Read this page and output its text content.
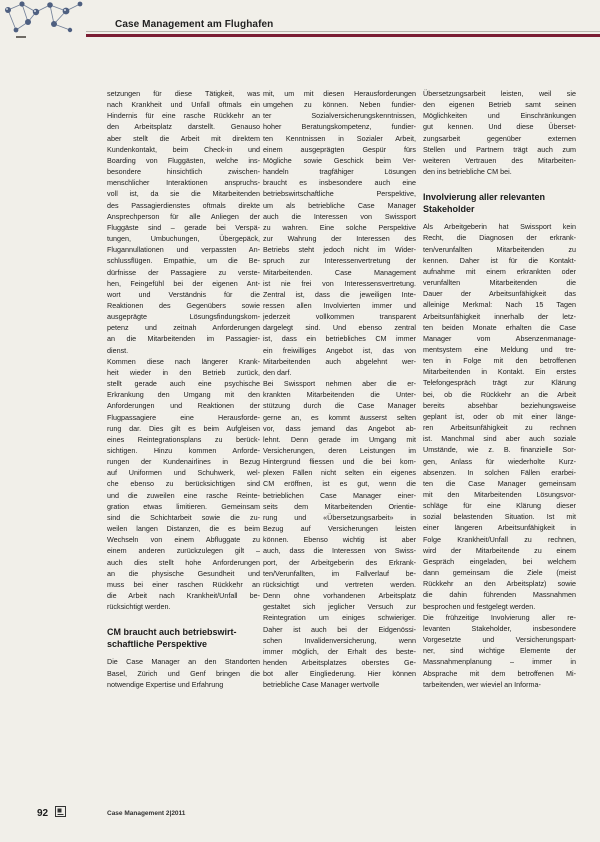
Case Management am Flughafen
setzungen für diese Tätigkeit, was
nach Krankheit und Unfall oftmals ein
Hindernis für eine rasche Rückkehr an
den Arbeitsplatz darstellt. Genauso
aber stellt die Arbeit mit direktem
Kundenkontakt, beim Check-in und
Boarding von Fluggästen, welche ins-
besondere hinsichtlich zwischen-
menschlicher Interaktionen anspruchs-
voll ist, da sie die Mitarbeitenden
des Passagierdienstes oftmals direkte
Ansprechperson für alle Anliegen der
Fluggäste sind – gerade bei Verspä-
tungen, Umbuchungen, Übergepäck,
Flugannullationen und verpassten An-
schlussflügen. Empathie, um die Be-
dürfnisse der Passagiere zu verste-
hen, Feingefühl bei der eigenen Ant-
wort und Verständnis für die
Reaktionen des Gegenübers sowie
ausgeprägte Lösungsfindungskom-
petenz und zeitnah Anforderungen
an die Mitarbeitenden im Passagier-
dienst.
Kommen diese nach längerer Krank-
heit wieder in den Betrieb zurück,
stellt gerade auch eine psychische
Erkrankung den Umgang mit den
Anforderungen und Reaktionen der
Flugpassagiere eine Herausforde-
rung dar. Dies gilt es beim Aufgleisen
eines Reintegrationsplans zu berück-
sichtigen. Hinzu kommen Anforde-
rungen der Kundenairlines in Bezug
auf Uniformen und Schuhwerk, wel-
che ebenso zu berücksichtigen sind
und die zuweilen eine rasche Reinte-
gration etwas limitieren. Gemeinsam
sind die Schichtarbeit sowie die zu-
weilen langen Distanzen, die es beim
Wechseln von einem Abfluggate zu
einem anderen zurückzulegen gilt –
auch dies stellt hohe Anforderungen
an die physische Gesundheit und
muss bei einer raschen Rückkehr an
die Arbeit nach Krankheit/Unfall be-
rücksichtigt werden.
CM braucht auch betriebswirt-
schaftliche Perspektive
Die Case Manager an den Standorten
Basel, Zürich und Genf bringen die
notwendige Expertise und Erfahrung
mit, um mit diesen Herausforderungen
umgehen zu können. Neben fundier-
ter Sozialversicherungskenntnissen,
hoher Beratungskompetenz, fundier-
ten Kenntnissen in Sozialer Arbeit,
einem ausgeprägten Gespür fürs
Mögliche sowie Geschick beim Ver-
handeln tragfähiger Lösungen
braucht es insbesondere auch eine
betriebswirtschaftliche Perspektive,
um als betriebliche Case Manager
auch die Interessen von Swissport
zu wahren. Eine solche Perspektive
zur Wahrung der Interessen des
Betriebs steht jedoch nicht im Wider-
spruch zur Interessenvertretung der
Mitarbeitenden. Case Management
ist nie frei von Interessensvertretung.
Zentral ist, dass die jeweiligen Inte-
ressen allen Involvierten immer und
jederzeit vollkommen transparent
dargelegt sind. Und ebenso zentral
ist, dass ein betriebliches CM immer
ein freiwilliges Angebot ist, das von
Mitarbeitenden auch abgelehnt wer-
den darf.
Bei Swissport nehmen aber die er-
krankten Mitarbeitenden die Unter-
stützung durch die Case Manager
gerne an, es kommt äusserst selten
vor, dass jemand das Angebot ab-
lehnt. Denn gerade im Umgang mit
Versicherungen, deren Leistungen im
Hintergrund fliessen und die bei kom-
plexen Fällen nicht selten ein eigenes
CM eröffnen, ist es gut, wenn die
betrieblichen Case Manager einer-
seits dem Mitarbeitenden Orientie-
rung und «Übersetzungsarbeit» in
Bezug auf Versicherungen leisten
können. Ebenso wichtig ist aber
auch, dass die Interessen von Swiss-
port, der Arbeitgeberin des Erkrank-
ten/Verunfallten, im Fallverlauf be-
rücksichtigt und vertreten werden.
Denn ohne vorhandenen Arbeitsplatz
gestaltet sich jeglicher Versuch zur
Reintegration um einiges schwieriger.
Daher ist auch bei der Eidgenössi-
schen Invalidenversicherung, wenn
immer möglich, der Erhalt des beste-
henden Arbeitsplatzes oberstes Ge-
bot aller Eingliederung. Hier können
betriebliche Case Manager wertvolle
Übersetzungsarbeit leisten, weil sie
den eigenen Betrieb samt seinen
Möglichkeiten und Einschränkungen
gut kennen. Und diese Überset-
zungsarbeit gegenüber externen
Stellen und Partnern trägt auch zum
weiteren Vertrauen des Mitarbeiten-
den ins betriebliche CM bei.
Involvierung aller relevanten
Stakeholder
Als Arbeitgeberin hat Swissport kein
Recht, die Diagnosen der erkrank-
ten/verunfallten Mitarbeitenden zu
kennen. Daher ist für die Kontakt-
aufnahme mit einem erkrankten oder
verunfallten Mitarbeitenden die
Dauer der Arbeitsunfähigkeit das
alleinige Merkmal: Nach 15 Tagen
Arbeitsunfähigkeit innerhalb der letz-
ten beiden Monate erhalten die Case
Manager vom Absenzenmanage-
mentsystem eine Meldung und tre-
ten in Folge mit den betroffenen
Mitarbeitenden in Kontakt. Ein erstes
Telefongespräch trägt zur Klärung
bei, ob die Rückkehr an die Arbeit
bereits absehbar beziehungsweise
geplant ist, oder ob mit einer länge-
ren Arbeitsunfähigkeit zu rechnen
ist. Manchmal sind aber auch soziale
Umstände, wie z. B. finanzielle Sor-
gen, Anlass für wiederholte Kurz-
absenzen. In solchen Fällen erarbei-
ten die Case Manager gemeinsam
mit den Mitarbeitenden Lösungsvor-
schläge für eine Klärung dieser
sozial belastenden Situation. Ist mit
einer längeren Arbeitsunfähigkeit in
Folge Krankheit/Unfall zu rechnen,
wird der Mitarbeitende zu einem
Gespräch eingeladen, bei welchem
dann gemeinsam die Ziele (meist
Rückkehr an den Arbeitsplatz) sowie
die dahin führenden Massnahmen
besprochen und festgelegt werden.
Die frühzeitige Involvierung aller re-
levanten Stakeholder, insbesondere
Vorgesetzte und Versicherungspart-
ner, sind wichtige Elemente der
Massnahmenplanung – immer in
Absprache mit dem betroffenen Mi-
tarbeitenden, wer wieviel an Informa-
92	Case Management 2|2011
